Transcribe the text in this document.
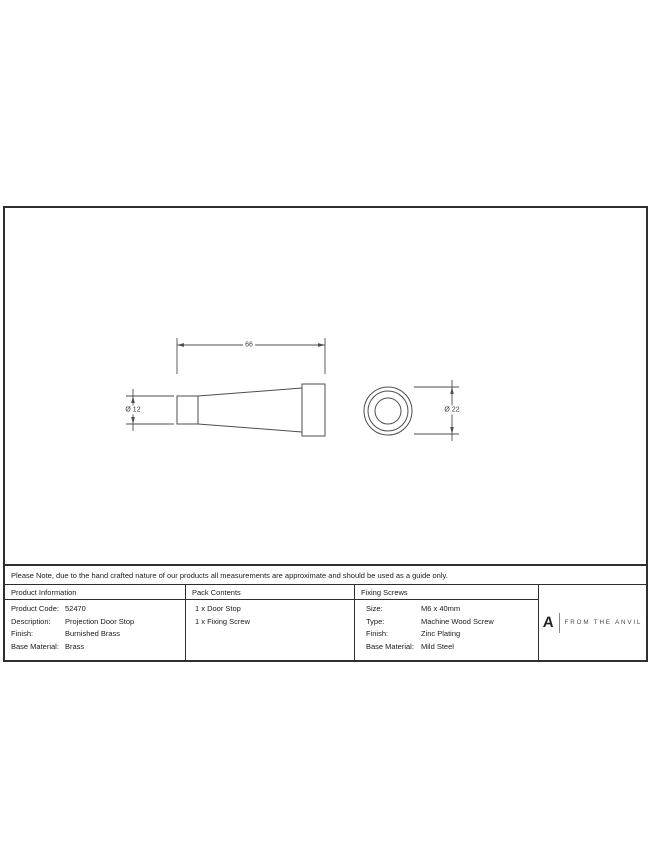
66
Ø 12	Ø 22
Please Note, due to the hand crafted nature of our products all measurements are approximate and should be used as a guide only.
Product Information
Product Code: 52470
Description:	Projection Door Stop
Finish:	Burnished Brass
Base Material: Brass
Pack Contents
1 x Door Stop
1 x Fixing Screw
Fixing Screws
Size:	M6 x 40mm
Type:	Machine Wood Screw
Finish:	Zinc Plating
Base Material: Mild Steel
A FROM THE ANVIL
